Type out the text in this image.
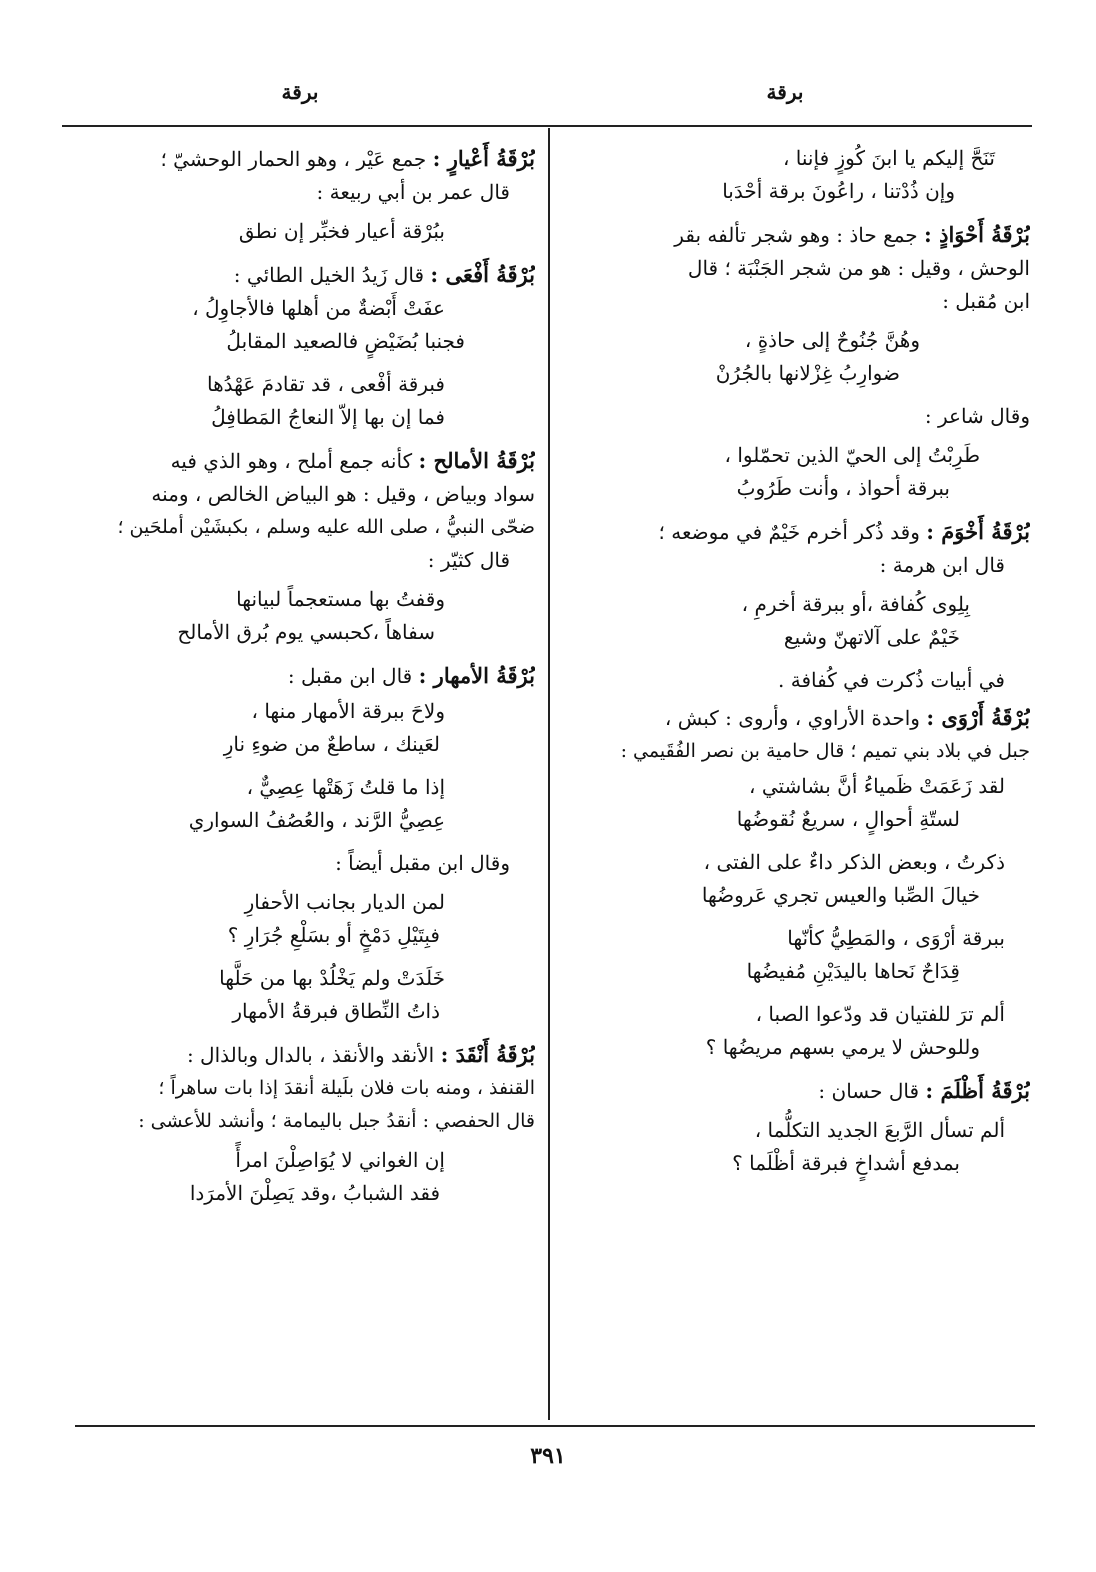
برقة
برقة
تَنَحَّ إليكم يا ابنَ كُوزٍ فإننا ،
وإن ذُدْتنا ، راعُونَ برقة أحْدَبا

بُرْقَةُ أَحْوَاذٍ : جمع حاذ : وهو شجر تألفه بقر

الوحش ، وقيل : هو من شجر الجَنْبَة ؛ قال

ابن مُقبل :

وهُنَّ جُنُوحٌ إلى حاذةٍ ،
ضوارِبُ غِزْلانها بالجُرُنْ

وقال شاعر :

طَرِبْتُ إلى الحيّ الذين تحمّلوا ،
ببرقة أحواذ ، وأنت طَرُوبُ

بُرْقَةُ أَخْوَمَ : وقد ذُكر أخرم خَيْمٌ في موضعه ؛

قال ابن هرمة :

بِلِوى كُفافة ،أو ببرقة أخرمِ ،
خَيْمٌ على آلاتهنّ وشيع

في أبيات ذُكرت في كُفافة .

بُرْقَةُ أَرْوَى : واحدة الأراوي ، وأروى : كبش ،

جبل في بلاد بني تميم ؛ قال حامية بن نصر الفُقَيمي :

لقد زَعَمَتْ ظَمياءُ أنَّ بشاشتي ،
لستّةِ أحوالٍ ، سريعٌ نُقوضُها
ذكرتُ ، وبعض الذكر داءٌ على الفتى ،
خيالَ الصِّبا والعيس تجري عَروضُها
ببرقة أرْوَى ، والمَطِيُّ كأنّها
قِدَاحٌ نَحاها باليدَيْنِ مُفيضُها
ألم ترَ للفتيان قد ودّعوا الصبا ،
وللوحش لا يرمي بسهم مريضُها ؟

بُرْقَةُ أَظْلَمَ : قال حسان :

ألم تسأل الرَّبعَ الجديد التكلُّما ،
بمدفع أشداخٍ فبرقة أظْلَما ؟

بُرْقَةُ أَعْيارٍ : جمع عَيْر ، وهو الحمار الوحشيّ ؛

قال عمر بن أبي ربيعة :

ببُرْقة أعيار فخبِّر إن نطق

بُرْقَةُ أَفْعَى : قال زَيدُ الخيل الطائي :

عفَتْ أَبْضةٌ من أهلها فالأجاوِلُ ،
فجنبا بُضَيْضٍ فالصعيد المقابلُ
فبرقة أفْعى ، قد تقادمَ عَهْدُها
فما إن بها إلاّ النعاجُ المَطافِلُ

بُرْقَةُ الأمالح : كأنه جمع أملح ، وهو الذي فيه

سواد وبياض ، وقيل : هو البياض الخالص ، ومنه

ضحّى النبيُّ ، صلى الله عليه وسلم ، بكبشَيْن أملحَين ؛

قال كثيّر :

وقفتُ بها مستعجماً لبيانها
سفاهاً ،كحبسي يوم بُرق الأمالح

بُرْقَةُ الأمهار : قال ابن مقبل :

ولاحَ ببرقة الأمهار منها ،
لعَينك ، ساطعٌ من ضوءِ نارِ
إذا ما قلتُ زَهَتْها عِصِيٌّ ،
عِصِيُّ الرَّند ، والعُصُفُ السواري

وقال ابن مقبل أيضاً :

لمن الديار بجانب الأحفارِ
فبِتَيْلِ دَمْخٍ أو بسَلْعِ جُرَارِ ؟
خَلَدَتْ ولم يَخْلُدْ بها من حَلَّها
ذاتُ النِّطاق فبرقةُ الأمهار

بُرْقَةُ أَنْقَدَ : الأنقد والأنقذ ، بالدال وبالذال :

القنفذ ، ومنه بات فلان بلَيلة أنقدَ إذا بات ساهراً ؛

قال الحفصي : أنقدُ جبل باليمامة ؛ وأنشد للأعشى :

إن الغواني لا يُوَاصِلْنَ امرأً
فقد الشبابُ ،وقد يَصِلْنَ الأمرَدا
٣٩١
